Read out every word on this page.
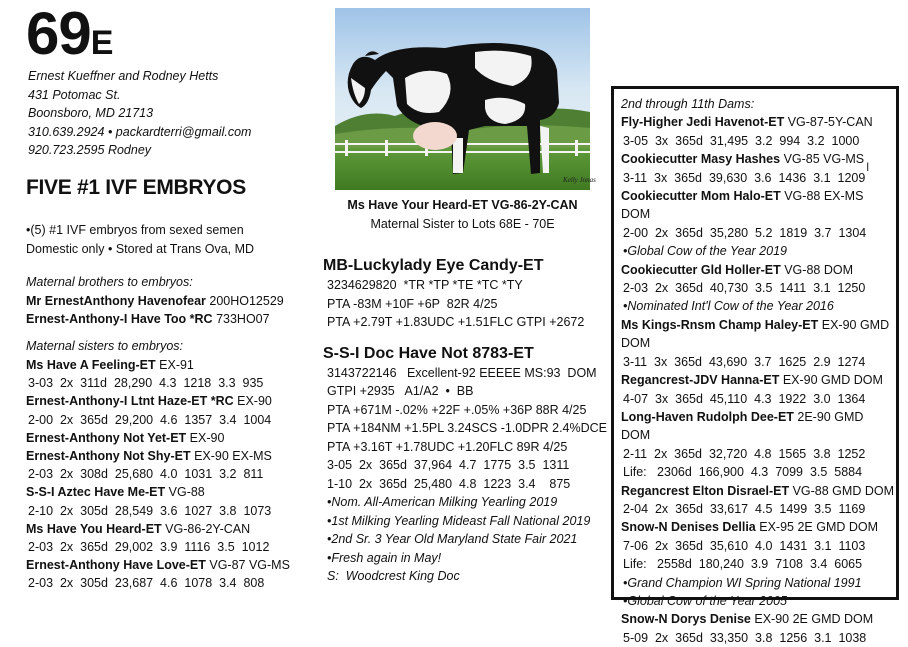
69E
Ernest Kueffner and Rodney Hetts
431 Potomac St.
Boonsboro, MD 21713
310.639.2924 • packardterri@gmail.com
920.723.2595 Rodney
FIVE #1 IVF EMBRYOS
•(5) #1 IVF embryos from sexed semen
Domestic only • Stored at Trans Ova, MD
Maternal brothers to embryos:
Mr ErnestAnthony Havenofear 200HO12529
Ernest-Anthony-I Have Too *RC 733HO07
Maternal sisters to embryos:
Ms Have A Feeling-ET EX-91
3-03  2x  311d  28,290  4.3  1218  3.3  935
Ernest-Anthony-I Ltnt Haze-ET *RC EX-90
2-00  2x  365d  29,200  4.6  1357  3.4  1004
Ernest-Anthony Not Yet-ET EX-90
Ernest-Anthony Not Shy-ET EX-90 EX-MS
2-03  2x  308d  25,680  4.0  1031  3.2  811
S-S-I Aztec Have Me-ET VG-88
2-10  2x  305d  28,549  3.6  1027  3.8  1073
Ms Have You Heard-ET VG-86-2Y-CAN
2-03  2x  365d  29,002  3.9  1116  3.5  1012
Ernest-Anthony Have Love-ET VG-87 VG-MS
2-03  2x  305d  23,687  4.6  1078  3.4  808
Kelly Jonas
Ms Have Your Heard-ET VG-86-2Y-CAN
Maternal Sister to Lots 68E - 70E
MB-Luckylady Eye Candy-ET
3234629820  *TR *TP *TE *TC *TY
PTA -83M +10F +6P  82R 4/25
PTA +2.79T +1.83UDC +1.51FLC GTPI +2672
S-S-I Doc Have Not 8783-ET
3143722146   Excellent-92 EEEEE MS:93  DOM
GTPI +2935   A1/A2  •  BB
PTA +671M -.02% +22F +.05% +36P 88R 4/25
PTA +184NM +1.5PL 3.24SCS -1.0DPR 2.4%DCE
PTA +3.16T +1.78UDC +1.20FLC 89R 4/25
3-05  2x  365d  37,964  4.7  1775  3.5  1311
1-10  2x  365d  25,480  4.8  1223  3.4    875
•Nom. All-American Milking Yearling 2019
•1st Milking Yearling Mideast Fall National 2019
•2nd Sr. 3 Year Old Maryland State Fair 2021
•Fresh again in May!
S:  Woodcrest King Doc
2nd through 11th Dams:
Fly-Higher Jedi Havenot-ET VG-87-5Y-CAN
3-05  3x  365d  31,495  3.2  994  3.2  1000
Cookiecutter Masy Hashes VG-85 VG-MS
3-11  3x  365d  39,630  3.6  1436  3.1  1209
Cookiecutter Mom Halo-ET VG-88 EX-MS DOM
2-00  2x  365d  35,280  5.2  1819  3.7  1304
•Global Cow of the Year 2019
Cookiecutter Gld Holler-ET VG-88 DOM
2-03  2x  365d  40,730  3.5  1411  3.1  1250
•Nominated Int'l Cow of the Year 2016
Ms Kings-Rnsm Champ Haley-ET EX-90 GMD DOM
3-11  3x  365d  43,690  3.7  1625  2.9  1274
Regancrest-JDV Hanna-ET EX-90 GMD DOM
4-07  3x  365d  45,110  4.3  1922  3.0  1364
Long-Haven Rudolph Dee-ET 2E-90 GMD DOM
2-11  2x  365d  32,720  4.8  1565  3.8  1252
Life:   2306d  166,900  4.3  7099  3.5  5884
Regancrest Elton Disrael-ET VG-88 GMD DOM
2-04  2x  365d  33,617  4.5  1499  3.5  1169
Snow-N Denises Dellia EX-95 2E GMD DOM
7-06  2x  365d  35,610  4.0  1431  3.1  1103
Life:   2558d  180,240  3.9  7108  3.4  6065
•Grand Champion WI Spring National 1991
•Global Cow of the Year 2005
Snow-N Dorys Denise EX-90 2E GMD DOM
5-09  2x  365d  33,350  3.8  1256  3.1  1038
I
